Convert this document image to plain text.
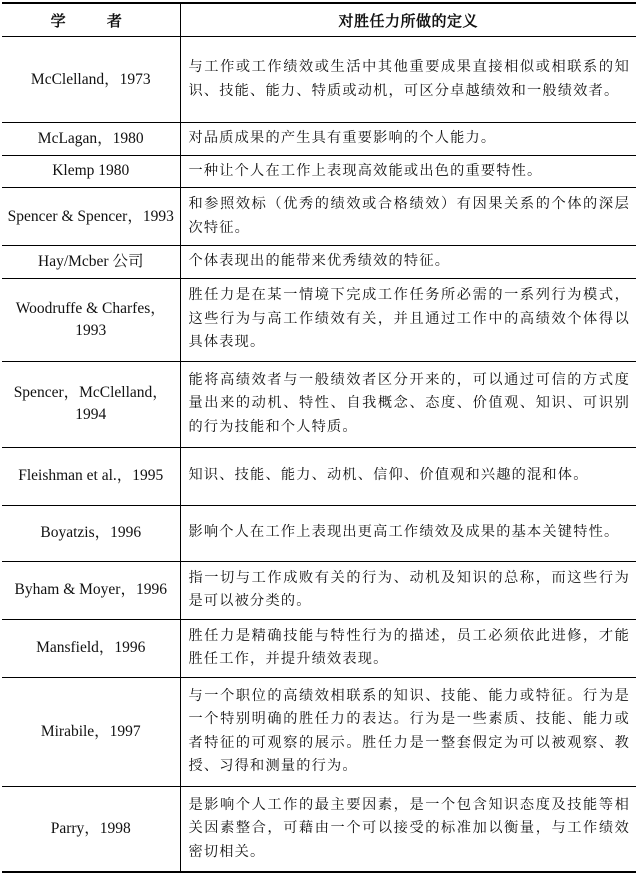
学 者	对胜任力所做的定义
McClelland，1973	与工作或工作绩效或生活中其他重要成果直接相似或相联系的知识、技能、能力、特质或动机，可区分卓越绩效和一般绩效者。
McLagan，1980	对品质成果的产生具有重要影响的个人能力。
Klemp 1980	一种让个人在工作上表现高效能或出色的重要特性。
Spencer & Spencer，1993	和参照效标（优秀的绩效或合格绩效）有因果关系的个体的深层次特征。
Hay/Mcber 公司	个体表现出的能带来优秀绩效的特征。
Woodruffe & Charfes，1993	胜任力是在某一情境下完成工作任务所必需的一系列行为模式，这些行为与高工作绩效有关，并且通过工作中的高绩效个体得以具体表现。
Spencer，McClelland，1994	能将高绩效者与一般绩效者区分开来的，可以通过可信的方式度量出来的动机、特性、自我概念、态度、价值观、知识、可识别的行为技能和个人特质。
Fleishman et al.，1995	知识、技能、能力、动机、信仰、价值观和兴趣的混和体。
Boyatzis，1996	影响个人在工作上表现出更高工作绩效及成果的基本关键特性。
Byham & Moyer，1996	指一切与工作成败有关的行为、动机及知识的总称，而这些行为是可以被分类的。
Mansfield，1996	胜任力是精确技能与特性行为的描述，员工必须依此进修，才能胜任工作，并提升绩效表现。
Mirabile，1997	与一个职位的高绩效相联系的知识、技能、能力或特征。行为是一个特别明确的胜任力的表达。行为是一些素质、技能、能力或者特征的可观察的展示。胜任力是一整套假定为可以被观察、教授、习得和测量的行为。
Parry，1998	是影响个人工作的最主要因素，是一个包含知识态度及技能等相关因素整合，可藉由一个可以接受的标准加以衡量，与工作绩效密切相关。
